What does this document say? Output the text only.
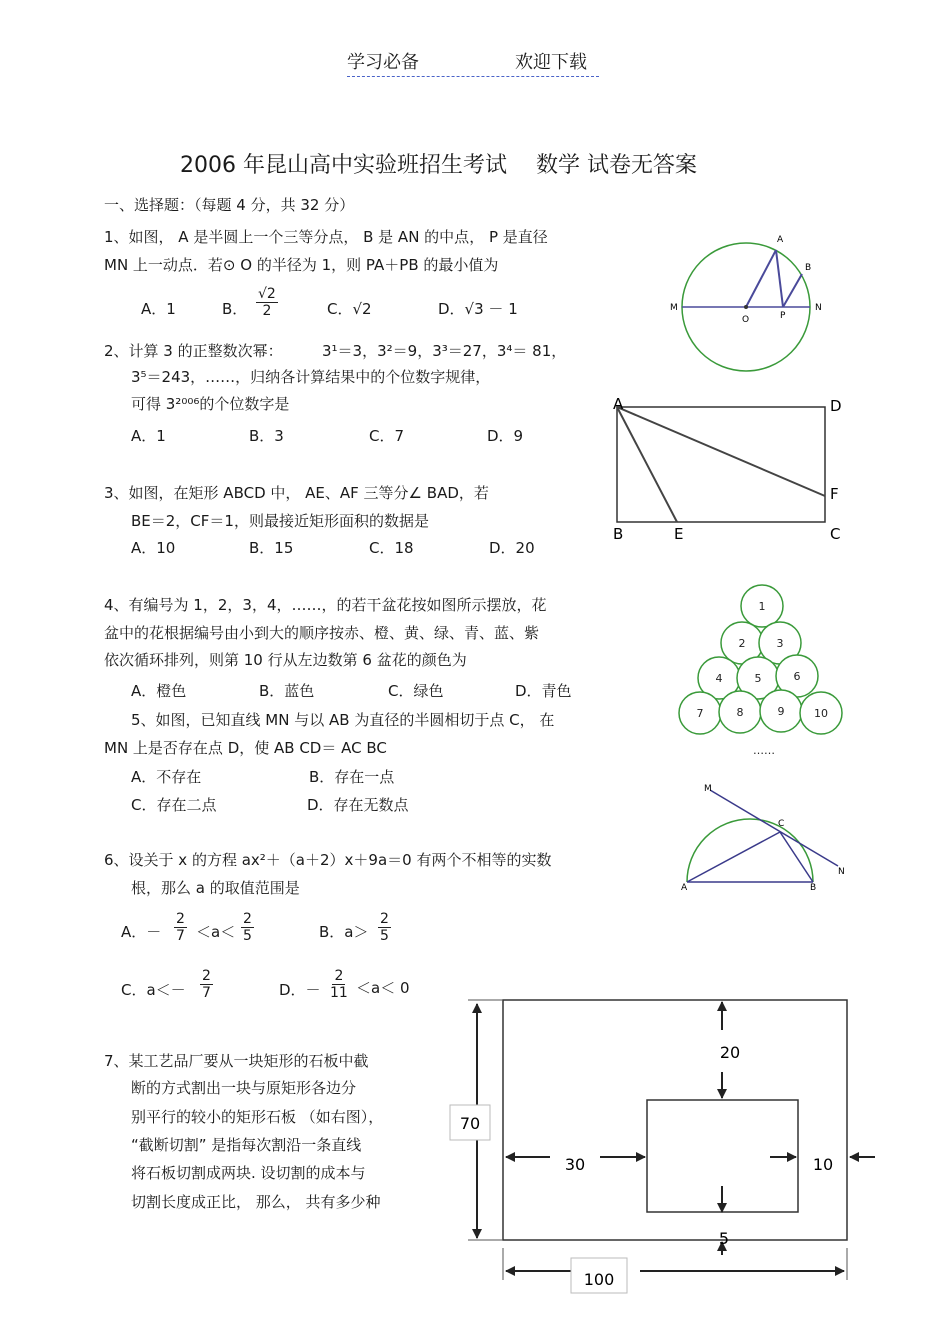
学习必备	欢迎下载
2006 年昆山高中实验班招生考试　 数学 试卷无答案
一、选择题：（每题 4 分，共 32 分）
1、如图， A 是半圆上一个三等分点， B 是 AN 的中点， P 是直径
MN 上一动点．若⊙ O 的半径为 1，则 PA＋PB 的最小值为
A．1	B． $\frac{√2}{2}$	C．√2	D．√3 － 1
A
B
M	N
O	P
2、计算 3 的正整数次幂：	3¹＝3，3²＝9，3³＝27，3⁴＝ 81，
3⁵＝243，……，归纳各计算结果中的个位数字规律，
可得 3²⁰⁰⁶的个位数字是
A．1	B．3	C．7	D．9
A	D
F
B	E	C
3、如图，在矩形 ABCD 中， AE、AF 三等分∠ BAD，若
BE＝2，CF＝1，则最接近矩形面积的数据是
A．10	B．15	C．18	D．20
4、有编号为 1，2，3，4，……，的若干盆花按如图所示摆放，花
盆中的花根据编号由小到大的顺序按赤、橙、黄、绿、青、蓝、紫
依次循环排列，则第 10 行从左边数第 6 盆花的颜色为
A．橙色	B．蓝色	C．绿色	D．青色
1
2	3
4	5	6
7	8	9	10
……
5、如图，已知直线 MN 与以 AB 为直径的半圆相切于点 C， 在
MN 上是否存在点 D，使 AB CD＝ AC BC
A．不存在	B．存在一点
C．存在二点	D．存在无数点
M
C
N
A	B
6、设关于 x 的方程 ax²＋（a＋2）x＋9a＝0 有两个不相等的实数
根，那么 a 的取值范围是
A．－ $\frac{2}{7} <a< \frac{2}{5}$	B．$a> \frac{2}{5}$
C．$a<- \frac{2}{7}$	D．－ $\frac{2}{11} <a< 0$
7、某工艺品厂要从一块矩形的石板中截
断的方式割出一块与原矩形各边分
别平行的较小的矩形石板 （如右图），
“截断切割” 是指每次割沿一条直线
将石板切割成两块. 设切割的成本与
切割长度成正比， 那么， 共有多少种
70
20
30	10
5
100
